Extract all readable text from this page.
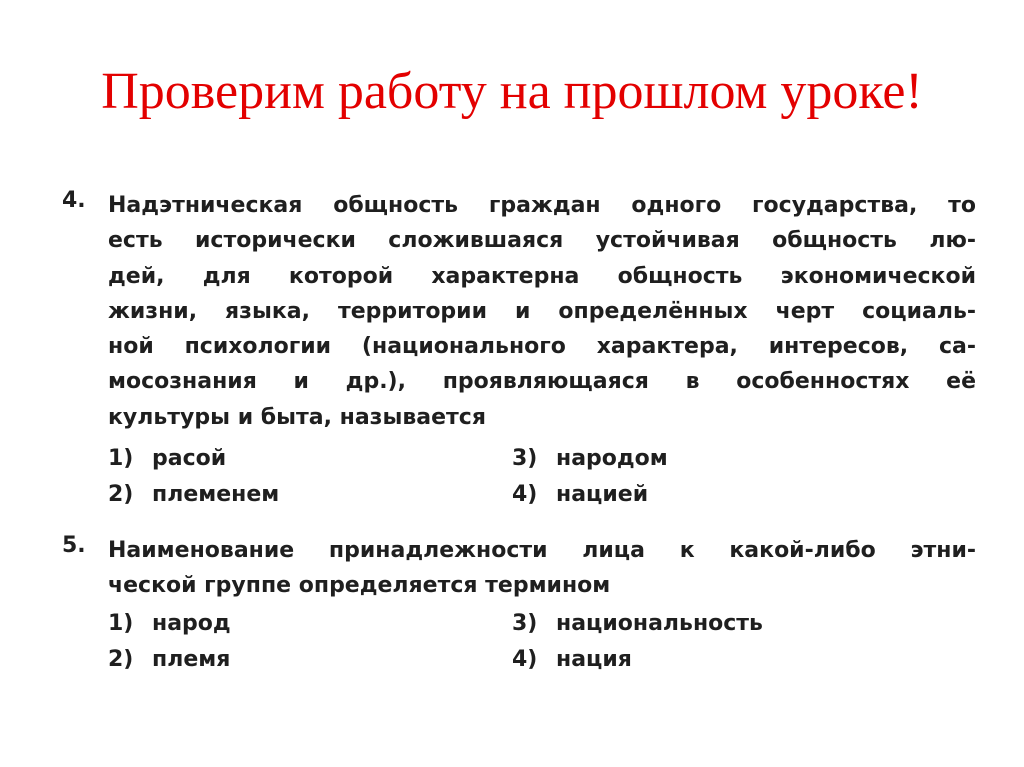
Проверим работу на прошлом уроке!
4.	Надэтническая общность граждан одного государства, то
есть исторически сложившаяся устойчивая общность лю-
дей, для которой характерна общность экономической
жизни, языка, территории и определённых черт социаль-
ной психологии (национального характера, интересов, са-
мосознания и др.), проявляющаяся в особенностях её
культуры и быта, называется
1) расой
2) племенем
3) народом
4) нацией
5.	Наименование принадлежности лица к какой-либо этни-
ческой группе определяется термином
1) народ
2) племя
3) национальность
4) нация
